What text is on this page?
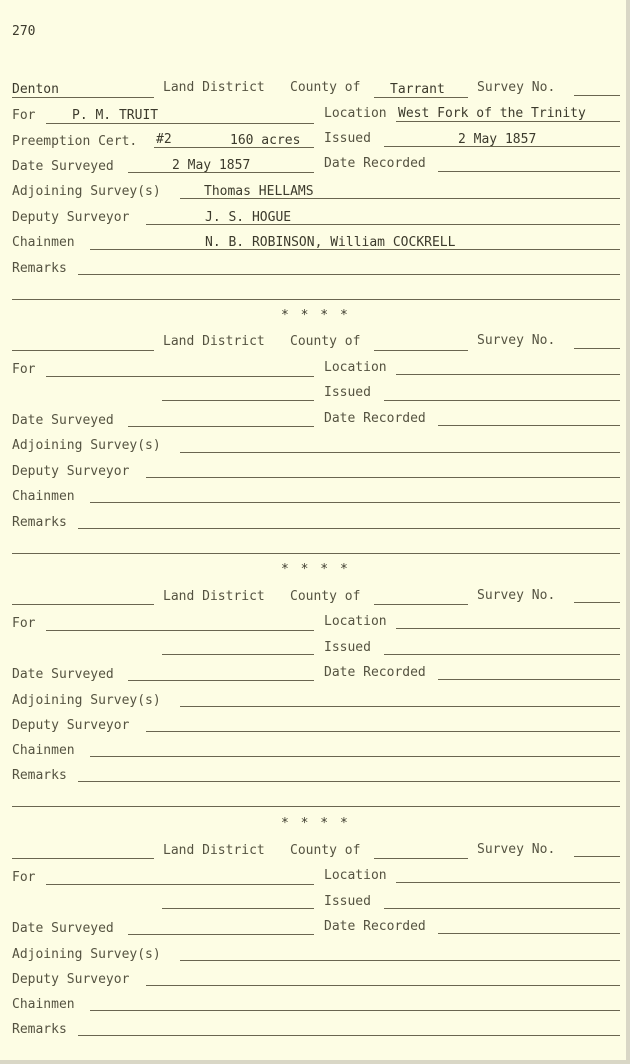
270
Denton	Land District County of Tarrant Survey No.
For	P. M. TRUIT	Location West Fork of the Trinity
Preemption Cert. #2	160 acres Issued	2 May 1857
Date Surveyed	2 May 1857	Date Recorded
Adjoining Survey(s)	Thomas HELLAMS
Deputy Surveyor	J. S. HOGUE
Chainmen	N. B. ROBINSON, William COCKRELL
Remarks
* * * *
Land District County of	Survey No.
For	Location
Issued
Date Surveyed	Date Recorded
Adjoining Survey(s)
Deputy Surveyor
Chainmen
Remarks
* * * *
Land District County of	Survey No.
For	Location
Issued
Date Surveyed	Date Recorded
Adjoining Survey(s)
Deputy Surveyor
Chainmen
Remarks
* * * *
Land District County of	Survey No.
For	Location
Issued
Date Surveyed	Date Recorded
Adjoining Survey(s)
Deputy Surveyor
Chainmen
Remarks
